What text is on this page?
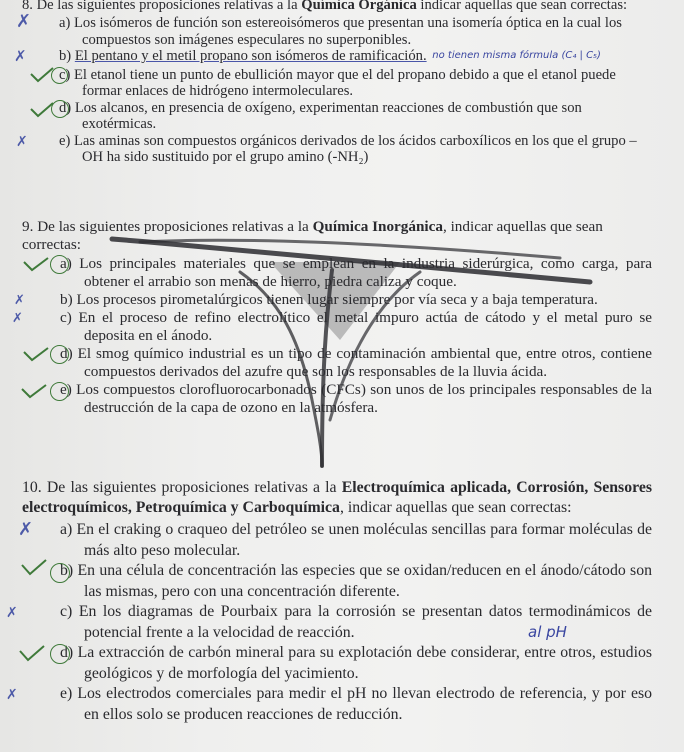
8. De las siguientes proposiciones relativas a la Química Orgánica indicar aquellas que sean correctas:

✗	a) Los isómeros de función son estereoisómeros que presentan una isomería óptica en la cual los compuestos son imágenes especulares no superponibles.

✗	b) El pentano y el metil propano son isómeros de ramificación. no tienen misma fórmula (C₄ | C₅)

c) El etanol tiene un punto de ebullición mayor que el del propano debido a que el etanol puede formar enlaces de hidrógeno intermoleculares.

d) Los alcanos, en presencia de oxígeno, experimentan reacciones de combustión que son exotérmicas.

✗	e) Las aminas son compuestos orgánicos derivados de los ácidos carboxílicos en los que el grupo –OH ha sido sustituido por el grupo amino (-NH₂)

9. De las siguientes proposiciones relativas a la Química Inorgánica, indicar aquellas que sean correctas:

a) Los principales materiales que se emplean en la industria siderúrgica, como carga, para obtener el arrabio son menas de hierro, piedra caliza y coque.

✗	b) Los procesos pirometalúrgicos tienen lugar siempre por vía seca y a baja temperatura.

✗	c) En el proceso de refino electrolítico el metal impuro actúa de cátodo y el metal puro se deposita en el ánodo.

d) El smog químico industrial es un tipo de contaminación ambiental que, entre otros, contiene compuestos derivados del azufre que son los responsables de la lluvia ácida.

e) Los compuestos clorofluorocarbonados (CFCs) son unos de los principales responsables de la destrucción de la capa de ozono en la atmósfera.

10. De las siguientes proposiciones relativas a la Electroquímica aplicada, Corrosión, Sensores electroquímicos, Petroquímica y Carboquímica, indicar aquellas que sean correctas:

✗	a) En el craking o craqueo del petróleo se unen moléculas sencillas para formar moléculas de más alto peso molecular.

b) En una célula de concentración las especies que se oxidan/reducen en el ánodo/cátodo son las mismas, pero con una concentración diferente.

✗	c) En los diagramas de Pourbaix para la corrosión se presentan datos termodinámicos de potencial frente a la velocidad de reacción.	al pH

d) La extracción de carbón mineral para su explotación debe considerar, entre otros, estudios geológicos y de morfología del yacimiento.

✗	e) Los electrodos comerciales para medir el pH no llevan electrodo de referencia, y por eso en ellos solo se producen reacciones de reducción.
